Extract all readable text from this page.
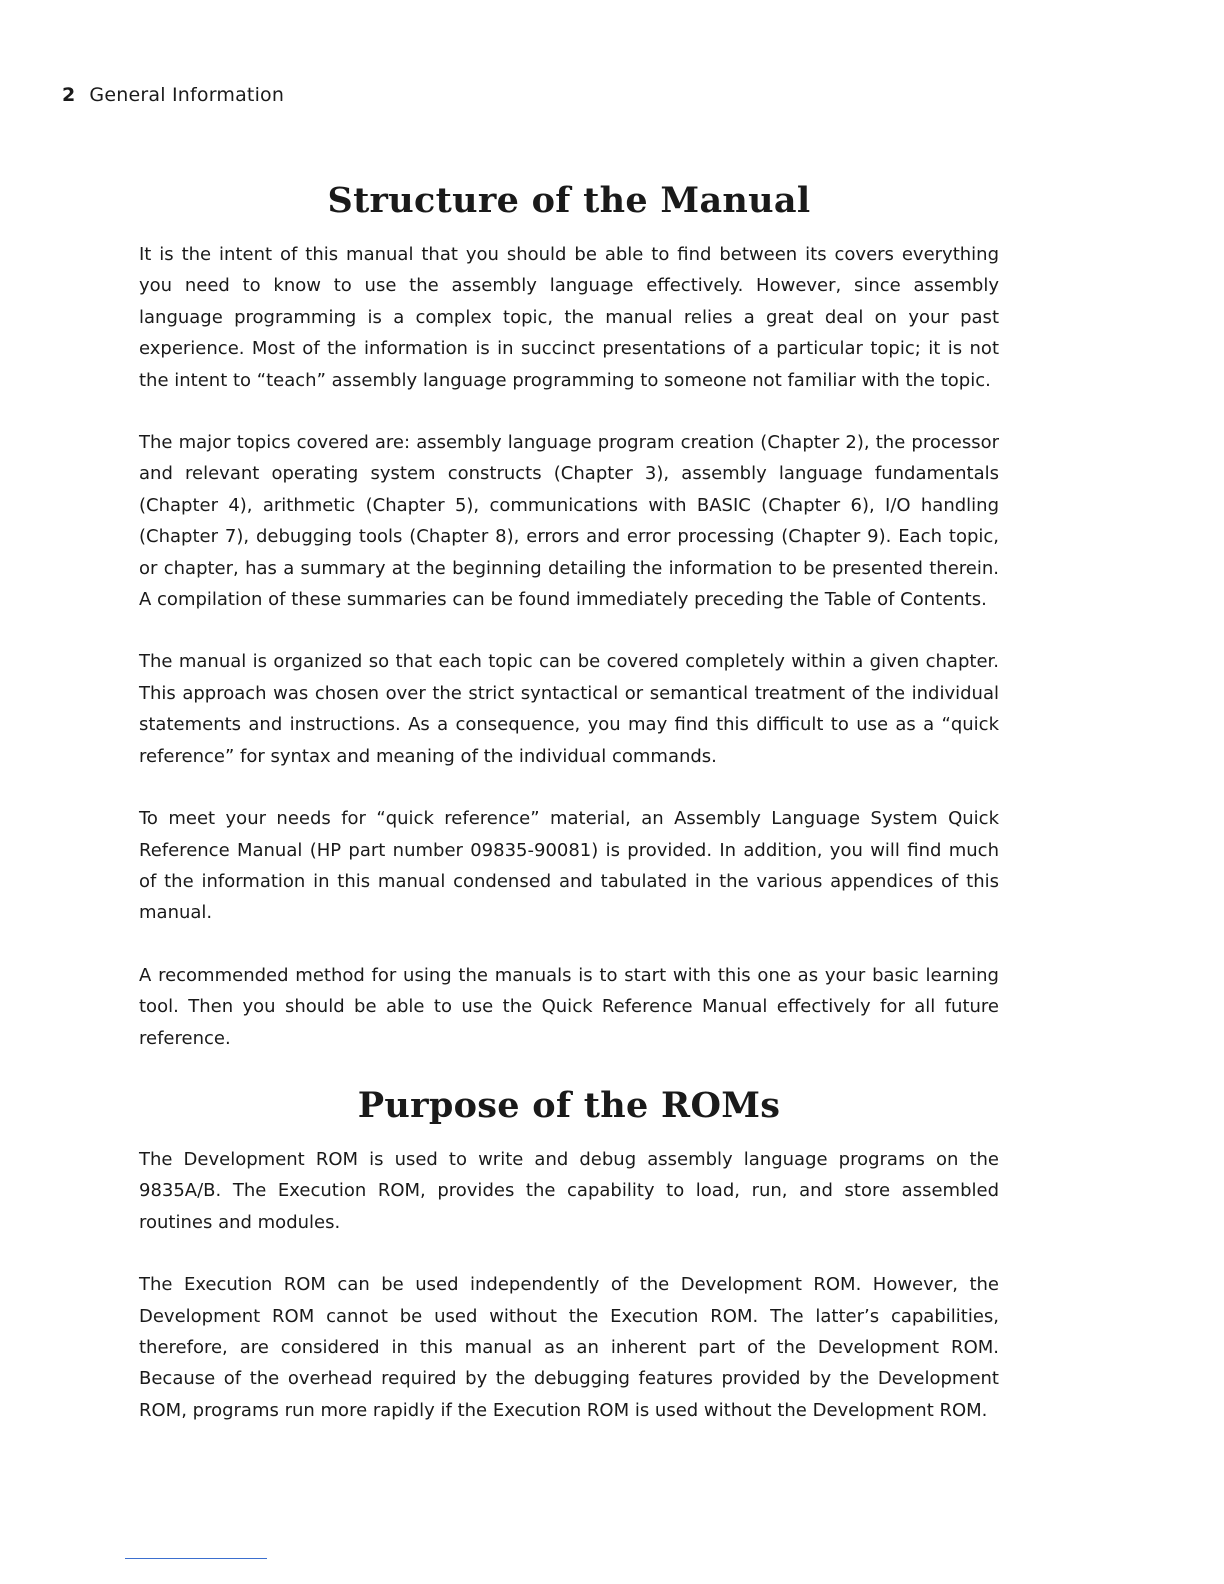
2 General Information
Structure of the Manual

It is the intent of this manual that you should be able to find between its covers everything you need to know to use the assembly language effectively. However, since assembly language programming is a complex topic, the manual relies a great deal on your past experience. Most of the information is in succinct presentations of a particular topic; it is not the intent to “teach” assembly language programming to someone not familiar with the topic.

The major topics covered are: assembly language program creation (Chapter 2), the processor and relevant operating system constructs (Chapter 3), assembly language fundamentals (Chapter 4), arithmetic (Chapter 5), communications with BASIC (Chapter 6), I/O handling (Chapter 7), debugging tools (Chapter 8), errors and error processing (Chapter 9). Each topic, or chapter, has a summary at the beginning detailing the information to be presented therein. A compilation of these summaries can be found immediately preceding the Table of Contents.

The manual is organized so that each topic can be covered completely within a given chapter. This approach was chosen over the strict syntactical or semantical treatment of the individual statements and instructions. As a consequence, you may find this difficult to use as a “quick reference” for syntax and meaning of the individual commands.

To meet your needs for “quick reference” material, an Assembly Language System Quick Reference Manual (HP part number 09835-90081) is provided. In addition, you will find much of the information in this manual condensed and tabulated in the various appendices of this manual.

A recommended method for using the manuals is to start with this one as your basic learning tool. Then you should be able to use the Quick Reference Manual effectively for all future reference.

Purpose of the ROMs

The Development ROM is used to write and debug assembly language programs on the 9835A/B. The Execution ROM, provides the capability to load, run, and store assembled routines and modules.

The Execution ROM can be used independently of the Development ROM. However, the Development ROM cannot be used without the Execution ROM. The latter’s capabilities, therefore, are considered in this manual as an inherent part of the Development ROM. Because of the overhead required by the debugging features provided by the Development ROM, programs run more rapidly if the Execution ROM is used without the Development ROM.
